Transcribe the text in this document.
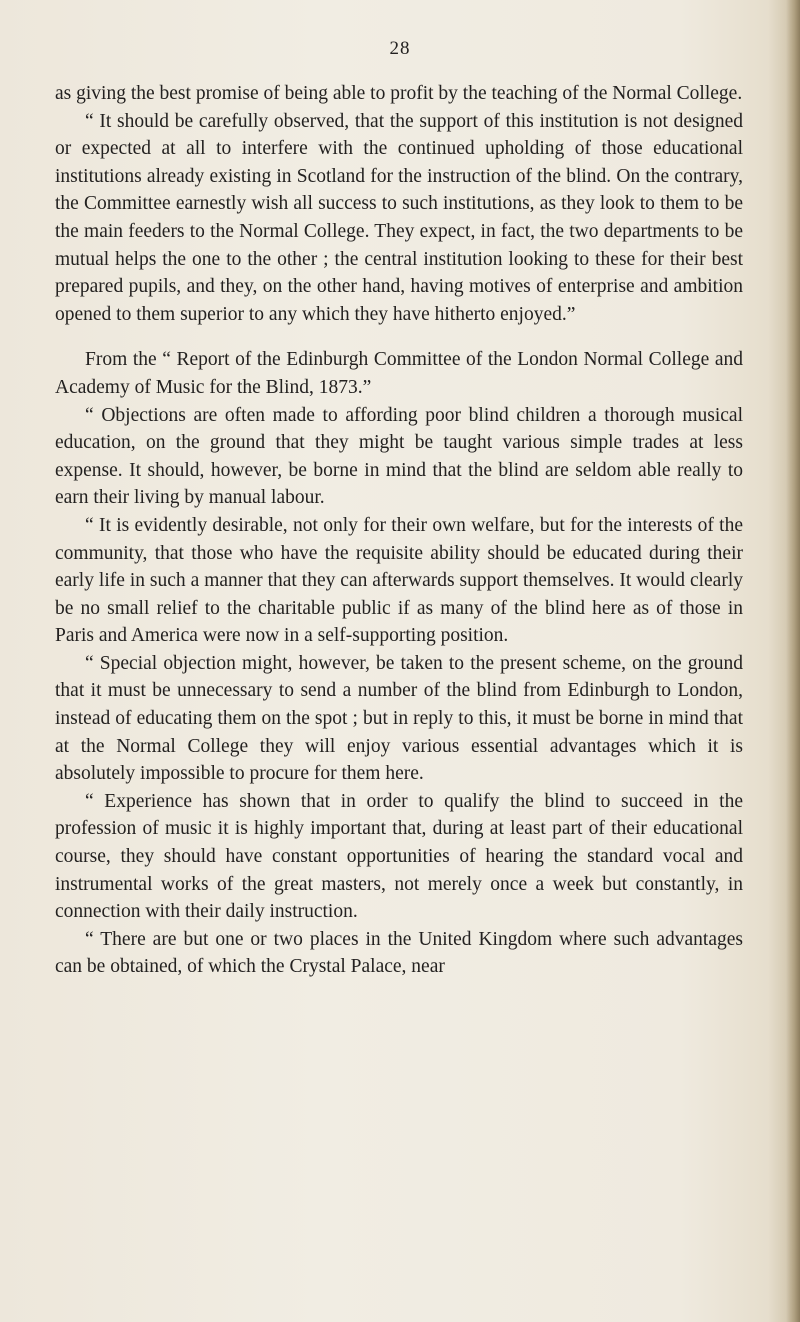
28

as giving the best promise of being able to profit by the teaching of the Normal College.

“ It should be carefully observed, that the support of this institution is not designed or expected at all to interfere with the continued upholding of those educational institutions already existing in Scotland for the instruction of the blind. On the contrary, the Committee earnestly wish all success to such institutions, as they look to them to be the main feeders to the Normal College. They expect, in fact, the two departments to be mutual helps the one to the other ; the central institution looking to these for their best prepared pupils, and they, on the other hand, having motives of enterprise and ambition opened to them superior to any which they have hitherto enjoyed.”

From the “ Report of the Edinburgh Committee of the London Normal College and Academy of Music for the Blind, 1873.”

“ Objections are often made to affording poor blind children a thorough musical education, on the ground that they might be taught various simple trades at less expense. It should, however, be borne in mind that the blind are seldom able really to earn their living by manual labour.

“ It is evidently desirable, not only for their own welfare, but for the interests of the community, that those who have the requisite ability should be educated during their early life in such a manner that they can afterwards support themselves. It would clearly be no small relief to the charitable public if as many of the blind here as of those in Paris and America were now in a self-supporting position.

“ Special objection might, however, be taken to the present scheme, on the ground that it must be unnecessary to send a number of the blind from Edinburgh to London, instead of educating them on the spot ; but in reply to this, it must be borne in mind that at the Normal College they will enjoy various essential advantages which it is absolutely impossible to procure for them here.

“ Experience has shown that in order to qualify the blind to succeed in the profession of music it is highly important that, during at least part of their educational course, they should have constant opportunities of hearing the standard vocal and instrumental works of the great masters, not merely once a week but constantly, in connection with their daily instruction.

“ There are but one or two places in the United Kingdom where such advantages can be obtained, of which the Crystal Palace, near
